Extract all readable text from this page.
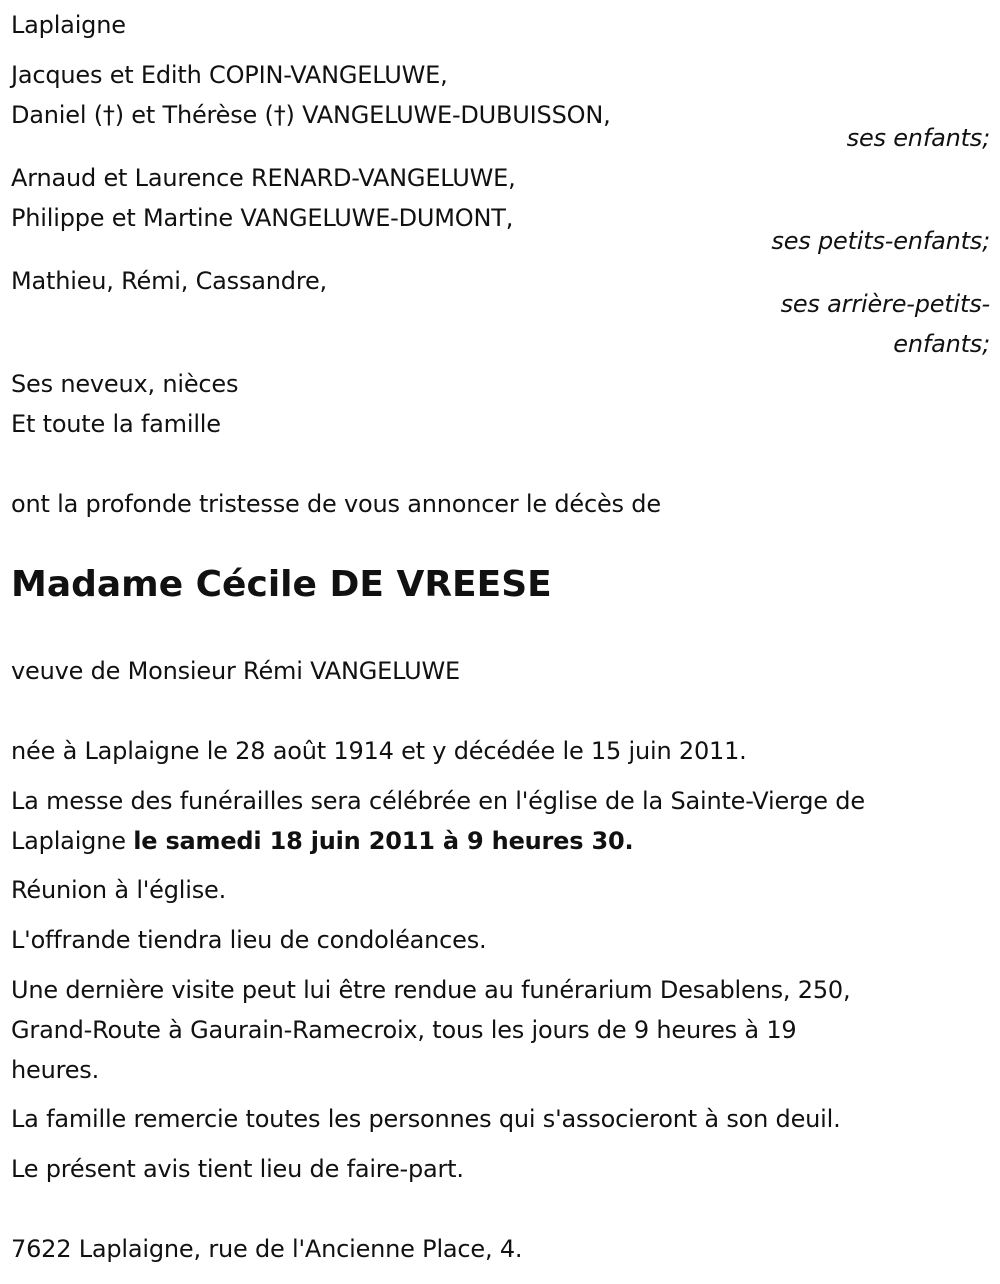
Laplaigne

Jacques et Edith COPIN-VANGELUWE,
Daniel (†) et Thérèse (†) VANGELUWE-DUBUISSON,
ses enfants;
Arnaud et Laurence RENARD-VANGELUWE,
Philippe et Martine VANGELUWE-DUMONT,
ses petits-enfants;
Mathieu, Rémi, Cassandre,
ses arrière-petits-
enfants;
Ses neveux, nièces
Et toute la famille

ont la profonde tristesse de vous annoncer le décès de

Madame Cécile DE VREESE

veuve de Monsieur Rémi VANGELUWE

née à Laplaigne le 28 août 1914 et y décédée le 15 juin 2011.

La messe des funérailles sera célébrée en l'église de la Sainte-Vierge de
Laplaigne le samedi 18 juin 2011 à 9 heures 30.

Réunion à l'église.

L'offrande tiendra lieu de condoléances.

Une dernière visite peut lui être rendue au funérarium Desablens, 250,
Grand-Route à Gaurain-Ramecroix, tous les jours de 9 heures à 19
heures.

La famille remercie toutes les personnes qui s'associeront à son deuil.

Le présent avis tient lieu de faire-part.

7622 Laplaigne, rue de l'Ancienne Place, 4.
